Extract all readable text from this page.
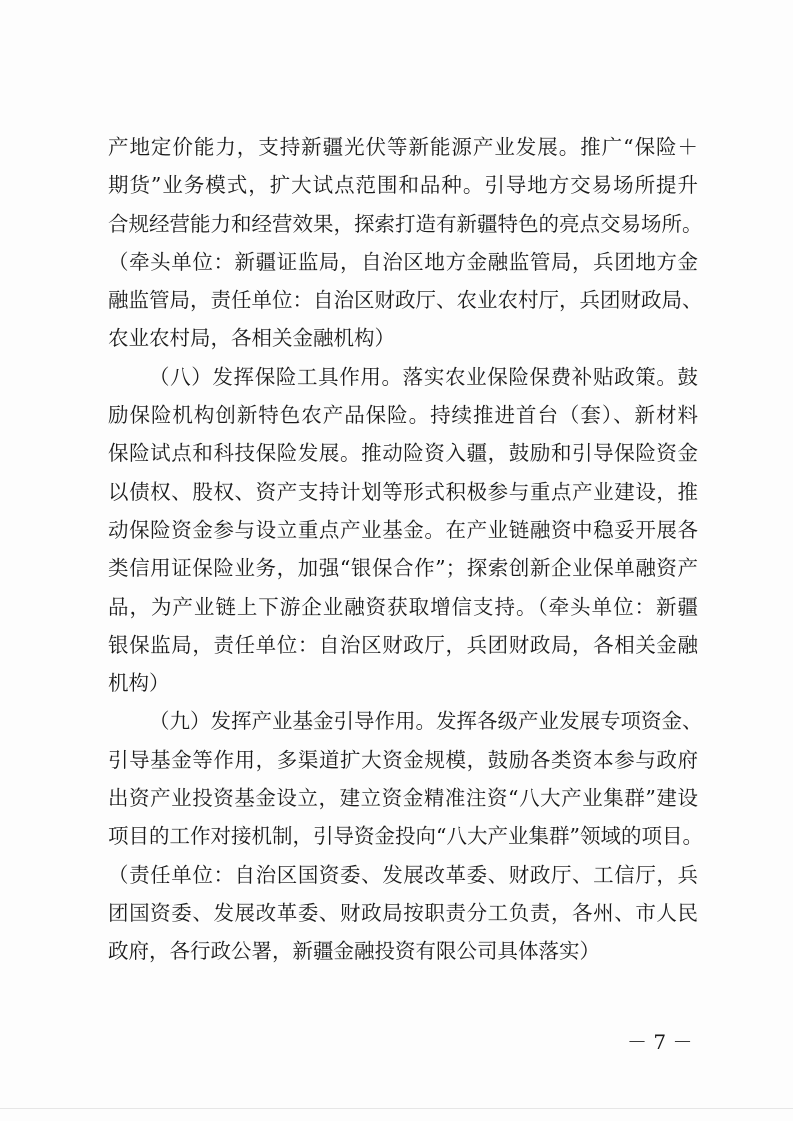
产地定价能力，支持新疆光伏等新能源产业发展。推广“保险＋
期货”业务模式，扩大试点范围和品种。引导地方交易场所提升
合规经营能力和经营效果，探索打造有新疆特色的亮点交易场所。
（牵头单位：新疆证监局，自治区地方金融监管局，兵团地方金
融监管局，责任单位：自治区财政厅、农业农村厅，兵团财政局、
农业农村局，各相关金融机构）
（八）发挥保险工具作用。落实农业保险保费补贴政策。鼓
励保险机构创新特色农产品保险。持续推进首台（套）、新材料
保险试点和科技保险发展。推动险资入疆，鼓励和引导保险资金
以债权、股权、资产支持计划等形式积极参与重点产业建设，推
动保险资金参与设立重点产业基金。在产业链融资中稳妥开展各
类信用证保险业务，加强“银保合作”；探索创新企业保单融资产
品，为产业链上下游企业融资获取增信支持。（牵头单位：新疆
银保监局，责任单位：自治区财政厅，兵团财政局，各相关金融
机构）
（九）发挥产业基金引导作用。发挥各级产业发展专项资金、
引导基金等作用，多渠道扩大资金规模，鼓励各类资本参与政府
出资产业投资基金设立，建立资金精准注资“八大产业集群”建设
项目的工作对接机制，引导资金投向“八大产业集群”领域的项目。
（责任单位：自治区国资委、发展改革委、财政厅、工信厅，兵
团国资委、发展改革委、财政局按职责分工负责，各州、市人民
政府，各行政公署，新疆金融投资有限公司具体落实）
－ 7 －
